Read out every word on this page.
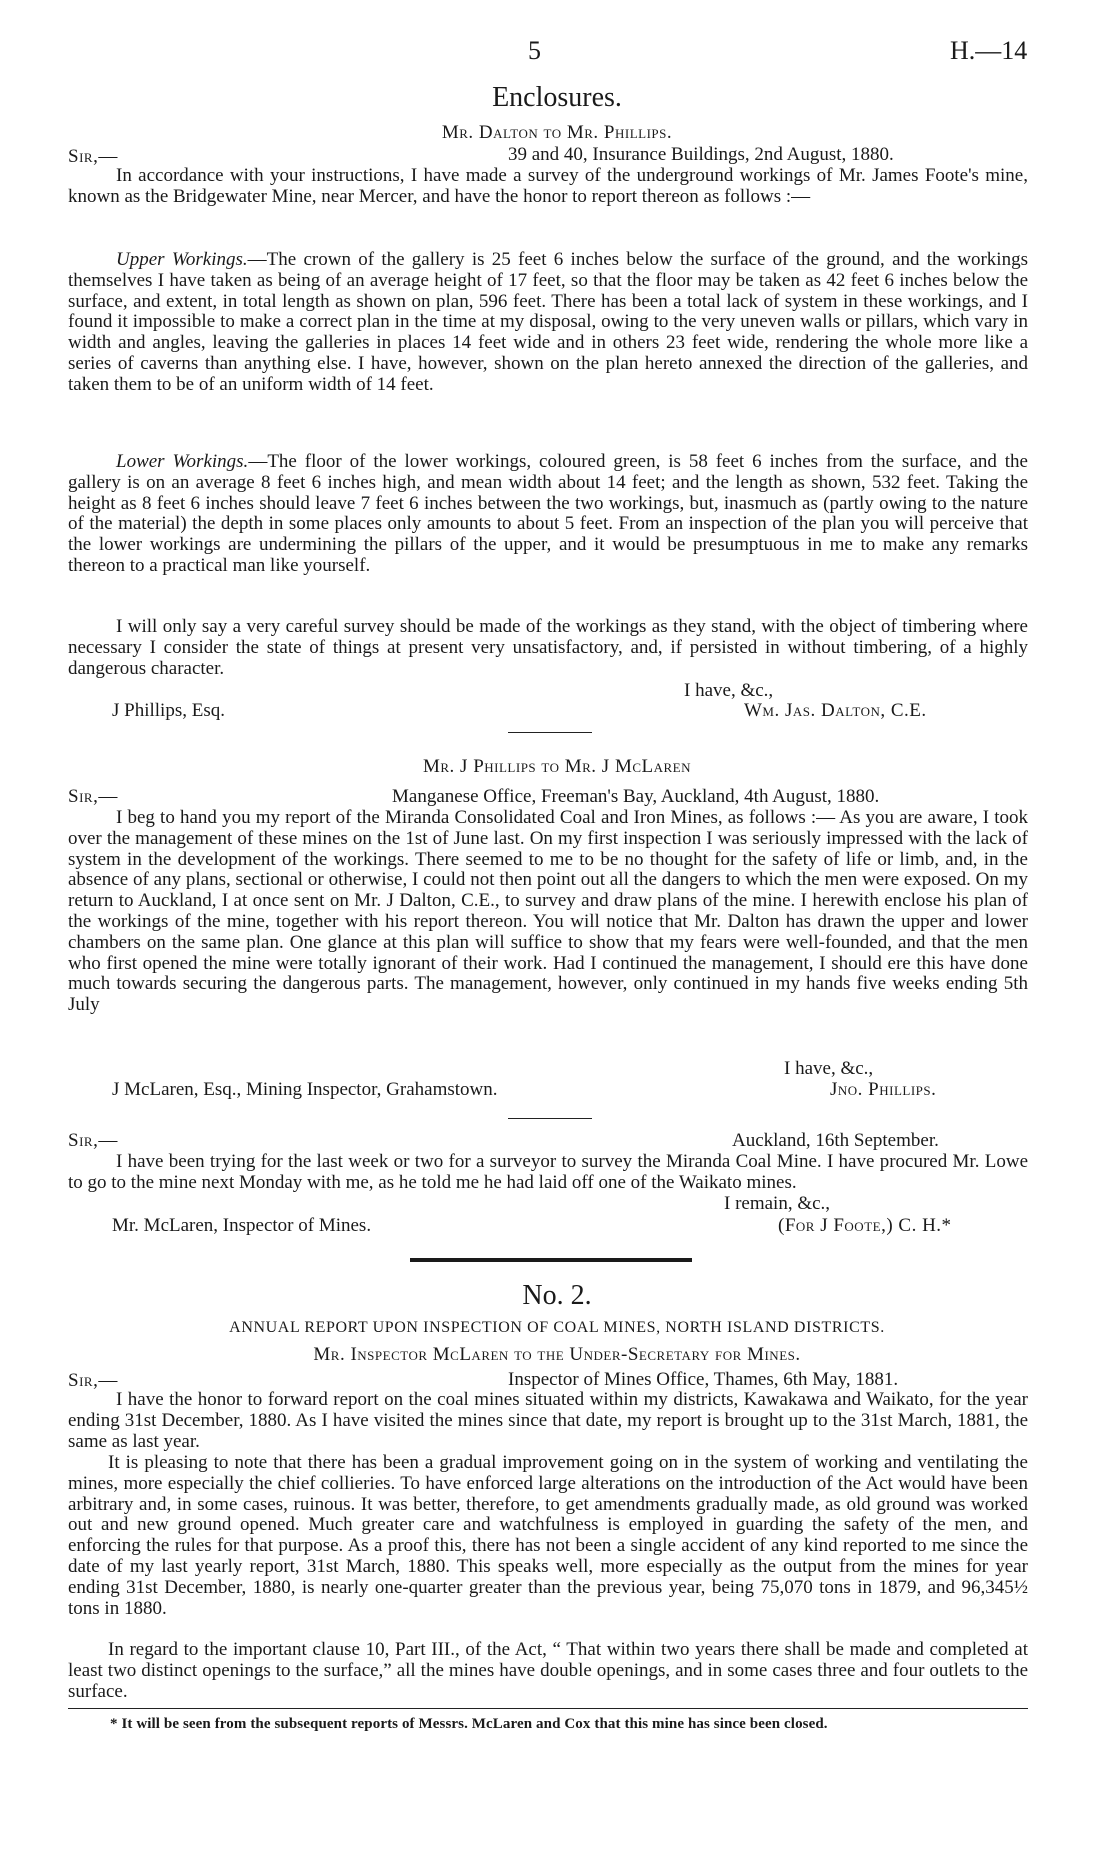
5	H.—14
Enclosures.
Mr. Dalton to Mr. Phillips.
Sir,—	39 and 40, Insurance Buildings, 2nd August, 1880.
In accordance with your instructions, I have made a survey of the underground workings of Mr. James Foote's mine, known as the Bridgewater Mine, near Mercer, and have the honor to report thereon as follows :—
Upper Workings.—The crown of the gallery is 25 feet 6 inches below the surface of the ground, and the workings themselves I have taken as being of an average height of 17 feet, so that the floor may be taken as 42 feet 6 inches below the surface, and extent, in total length as shown on plan, 596 feet. There has been a total lack of system in these workings, and I found it impossible to make a correct plan in the time at my disposal, owing to the very uneven walls or pillars, which vary in width and angles, leaving the galleries in places 14 feet wide and in others 23 feet wide, rendering the whole more like a series of caverns than anything else. I have, however, shown on the plan hereto annexed the direction of the galleries, and taken them to be of an uniform width of 14 feet.
Lower Workings.—The floor of the lower workings, coloured green, is 58 feet 6 inches from the surface, and the gallery is on an average 8 feet 6 inches high, and mean width about 14 feet; and the length as shown, 532 feet. Taking the height as 8 feet 6 inches should leave 7 feet 6 inches between the two workings, but, inasmuch as (partly owing to the nature of the material) the depth in some places only amounts to about 5 feet. From an inspection of the plan you will perceive that the lower workings are undermining the pillars of the upper, and it would be presumptuous in me to make any remarks thereon to a practical man like yourself.
I will only say a very careful survey should be made of the workings as they stand, with the object of timbering where necessary I consider the state of things at present very unsatisfactory, and, if persisted in without timbering, of a highly dangerous character.
I have, &c.,
J Phillips, Esq.	Wm. Jas. Dalton, C.E.
Mr. J Phillips to Mr. J McLaren
Sir,—	Manganese Office, Freeman's Bay, Auckland, 4th August, 1880.
I beg to hand you my report of the Miranda Consolidated Coal and Iron Mines, as follows :— As you are aware, I took over the management of these mines on the 1st of June last. On my first inspection I was seriously impressed with the lack of system in the development of the workings. There seemed to me to be no thought for the safety of life or limb, and, in the absence of any plans, sectional or otherwise, I could not then point out all the dangers to which the men were exposed. On my return to Auckland, I at once sent on Mr. J Dalton, C.E., to survey and draw plans of the mine. I herewith enclose his plan of the workings of the mine, together with his report thereon. You will notice that Mr. Dalton has drawn the upper and lower chambers on the same plan. One glance at this plan will suffice to show that my fears were well-founded, and that the men who first opened the mine were totally ignorant of their work. Had I continued the management, I should ere this have done much towards securing the dangerous parts. The management, however, only continued in my hands five weeks ending 5th July
I have, &c.,
J McLaren, Esq., Mining Inspector, Grahamstown.	Jno. Phillips.
Sir,—	Auckland, 16th September.
I have been trying for the last week or two for a surveyor to survey the Miranda Coal Mine. I have procured Mr. Lowe to go to the mine next Monday with me, as he told me he had laid off one of the Waikato mines.
I remain, &c.,
Mr. McLaren, Inspector of Mines.	(For J Foote,) C. H.*
No. 2.
ANNUAL REPORT UPON INSPECTION OF COAL MINES, NORTH ISLAND DISTRICTS.
Mr. Inspector McLaren to the Under-Secretary for Mines.
Sir,—	Inspector of Mines Office, Thames, 6th May, 1881.
I have the honor to forward report on the coal mines situated within my districts, Kawakawa and Waikato, for the year ending 31st December, 1880. As I have visited the mines since that date, my report is brought up to the 31st March, 1881, the same as last year.
It is pleasing to note that there has been a gradual improvement going on in the system of working and ventilating the mines, more especially the chief collieries. To have enforced large alterations on the introduction of the Act would have been arbitrary and, in some cases, ruinous. It was better, therefore, to get amendments gradually made, as old ground was worked out and new ground opened. Much greater care and watchfulness is employed in guarding the safety of the men, and enforcing the rules for that purpose. As a proof this, there has not been a single accident of any kind reported to me since the date of my last yearly report, 31st March, 1880. This speaks well, more especially as the output from the mines for year ending 31st December, 1880, is nearly one-quarter greater than the previous year, being 75,070 tons in 1879, and 96,345½ tons in 1880.
In regard to the important clause 10, Part III., of the Act, “ That within two years there shall be made and completed at least two distinct openings to the surface,” all the mines have double openings, and in some cases three and four outlets to the surface.
* It will be seen from the subsequent reports of Messrs. McLaren and Cox that this mine has since been closed.
